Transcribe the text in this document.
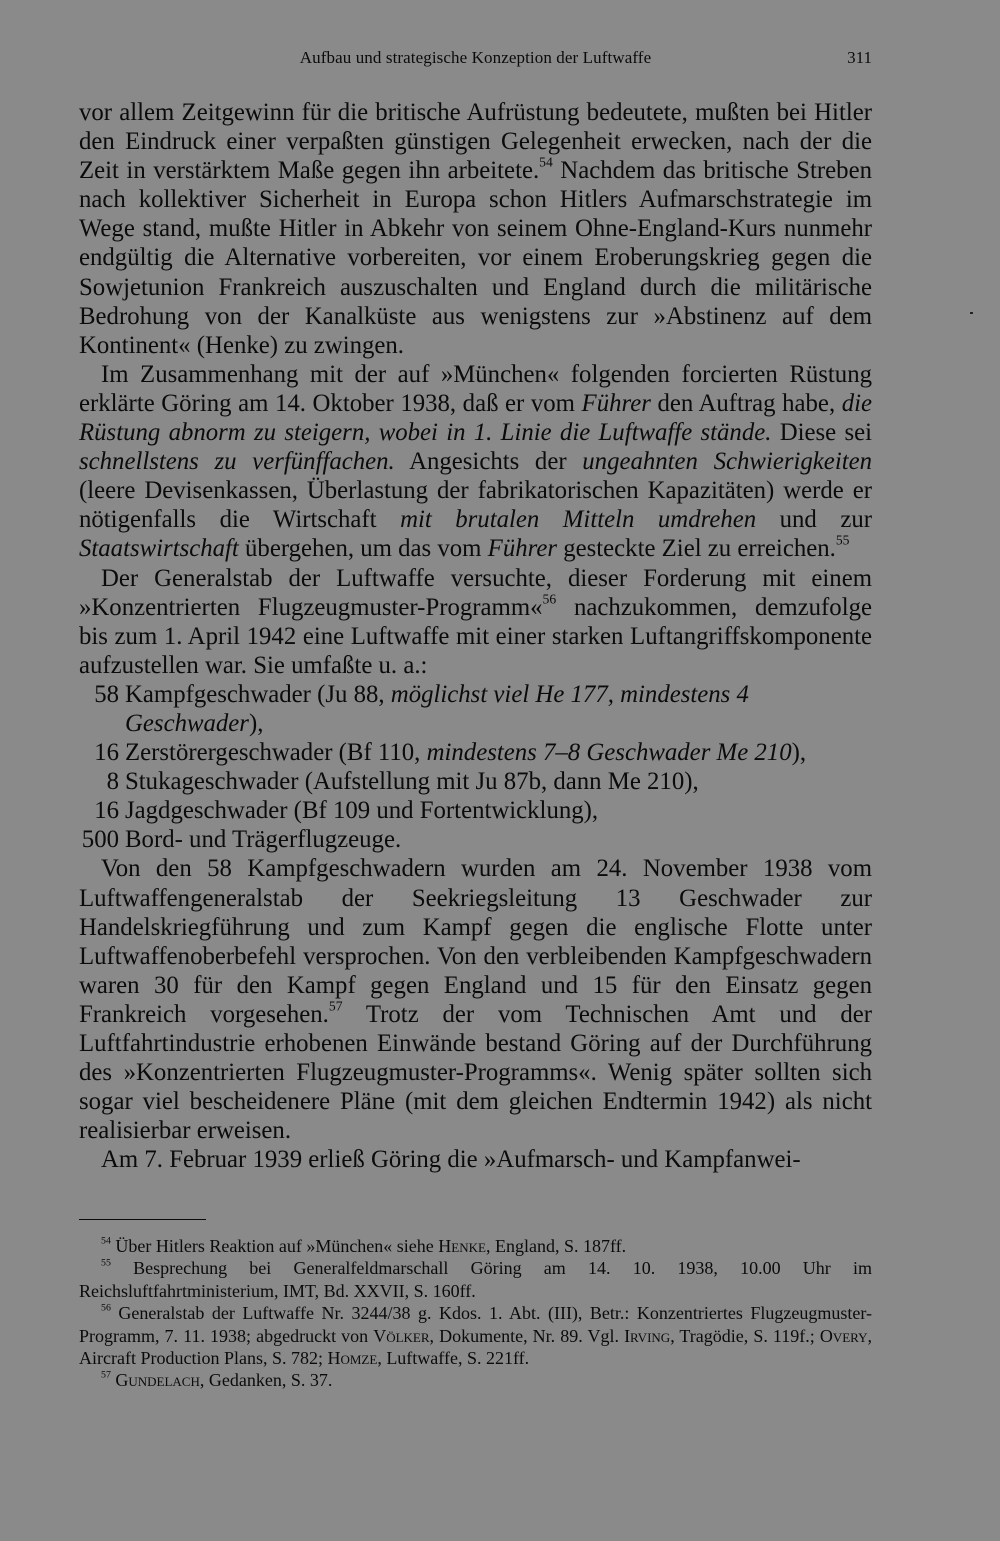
Aufbau und strategische Konzeption der Luftwaffe	311
vor allem Zeitgewinn für die britische Aufrüstung bedeutete, mußten bei Hitler den Eindruck einer verpaßten günstigen Gelegenheit erwecken, nach der die Zeit in verstärktem Maße gegen ihn arbeitete.$^{54}$ Nachdem das britische Streben nach kollektiver Sicherheit in Europa schon Hitlers Aufmarschstrategie im Wege stand, mußte Hitler in Abkehr von seinem Ohne-England-Kurs nunmehr endgültig die Alternative vorbereiten, vor einem Eroberungskrieg gegen die Sowjetunion Frankreich auszuschalten und England durch die militärische Bedrohung von der Kanalküste aus wenigstens zur »Abstinenz auf dem Kontinent« (Henke) zu zwingen.
Im Zusammenhang mit der auf »München« folgenden forcierten Rüstung erklärte Göring am 14. Oktober 1938, daß er vom Führer den Auftrag habe, die Rüstung abnorm zu steigern, wobei in 1. Linie die Luftwaffe stände. Diese sei schnellstens zu verfünffachen. Angesichts der ungeahnten Schwierigkeiten (leere Devisenkassen, Überlastung der fabrikatorischen Kapazitäten) werde er nötigenfalls die Wirtschaft mit brutalen Mitteln umdrehen und zur Staatswirtschaft übergehen, um das vom Führer gesteckte Ziel zu erreichen.$^{55}$
Der Generalstab der Luftwaffe versuchte, dieser Forderung mit einem »Konzentrierten Flugzeugmuster-Programm«$^{56}$ nachzukommen, demzufolge bis zum 1. April 1942 eine Luftwaffe mit einer starken Luftangriffskomponente aufzustellen war. Sie umfaßte u. a.:
58 Kampfgeschwader (Ju 88, möglichst viel He 177, mindestens 4 Geschwader),
16 Zerstörergeschwader (Bf 110, mindestens 7–8 Geschwader Me 210),
8 Stukageschwader (Aufstellung mit Ju 87b, dann Me 210),
16 Jagdgeschwader (Bf 109 und Fortentwicklung),
500 Bord- und Trägerflugzeuge.
Von den 58 Kampfgeschwadern wurden am 24. November 1938 vom Luftwaffengeneralstab der Seekriegsleitung 13 Geschwader zur Handelskriegführung und zum Kampf gegen die englische Flotte unter Luftwaffenoberbefehl versprochen. Von den verbleibenden Kampfgeschwadern waren 30 für den Kampf gegen England und 15 für den Einsatz gegen Frankreich vorgesehen.$^{57}$ Trotz der vom Technischen Amt und der Luftfahrtindustrie erhobenen Einwände bestand Göring auf der Durchführung des »Konzentrierten Flugzeugmuster-Programms«. Wenig später sollten sich sogar viel bescheidenere Pläne (mit dem gleichen Endtermin 1942) als nicht realisierbar erweisen.
Am 7. Februar 1939 erließ Göring die »Aufmarsch- und Kampfanwei-
$^{54}$ Über Hitlers Reaktion auf »München« siehe Henke, England, S. 187ff.
$^{55}$ Besprechung bei Generalfeldmarschall Göring am 14. 10. 1938, 10.00 Uhr im Reichsluftfahrtministerium, IMT, Bd. XXVII, S. 160ff.
$^{56}$ Generalstab der Luftwaffe Nr. 3244/38 g. Kdos. 1. Abt. (III), Betr.: Konzentriertes Flugzeugmuster-Programm, 7. 11. 1938; abgedruckt von Völker, Dokumente, Nr. 89. Vgl. Irving, Tragödie, S. 119f.; Overy, Aircraft Production Plans, S. 782; Homze, Luftwaffe, S. 221ff.
$^{57}$ Gundelach, Gedanken, S. 37.
